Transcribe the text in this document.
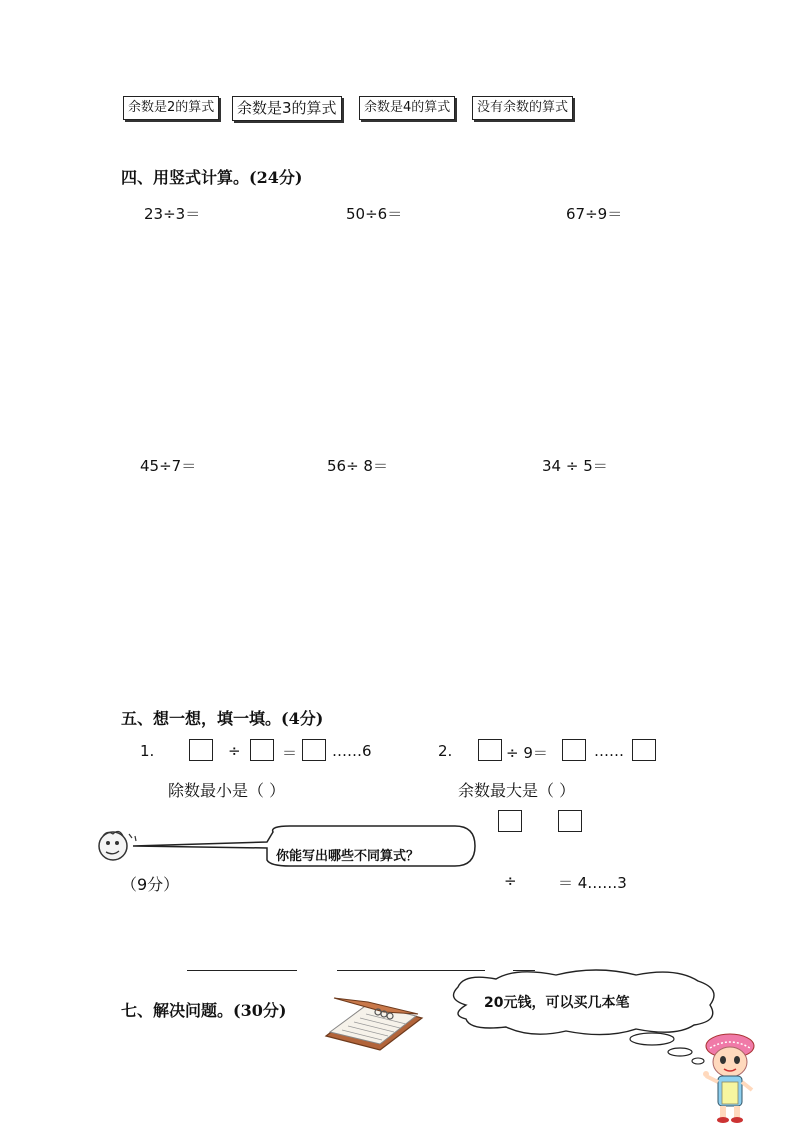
余数是2的算式	余数是3的算式	余数是4的算式	没有余数的算式
四、用竖式计算。(24分)
23÷3＝	50÷6＝	67÷9＝
45÷7＝	56÷ 8＝	34 ÷ 5＝
五、想一想，填一填。(4分)
1.	÷	＝ ……6	2.	÷ 9＝	……
除数最小是（ ）	余数最大是（ ）
你能写出哪些不同算式？
（9分）	÷	＝ 4……3
七、解决问题。(30分)	20元钱，可以买几本笔
